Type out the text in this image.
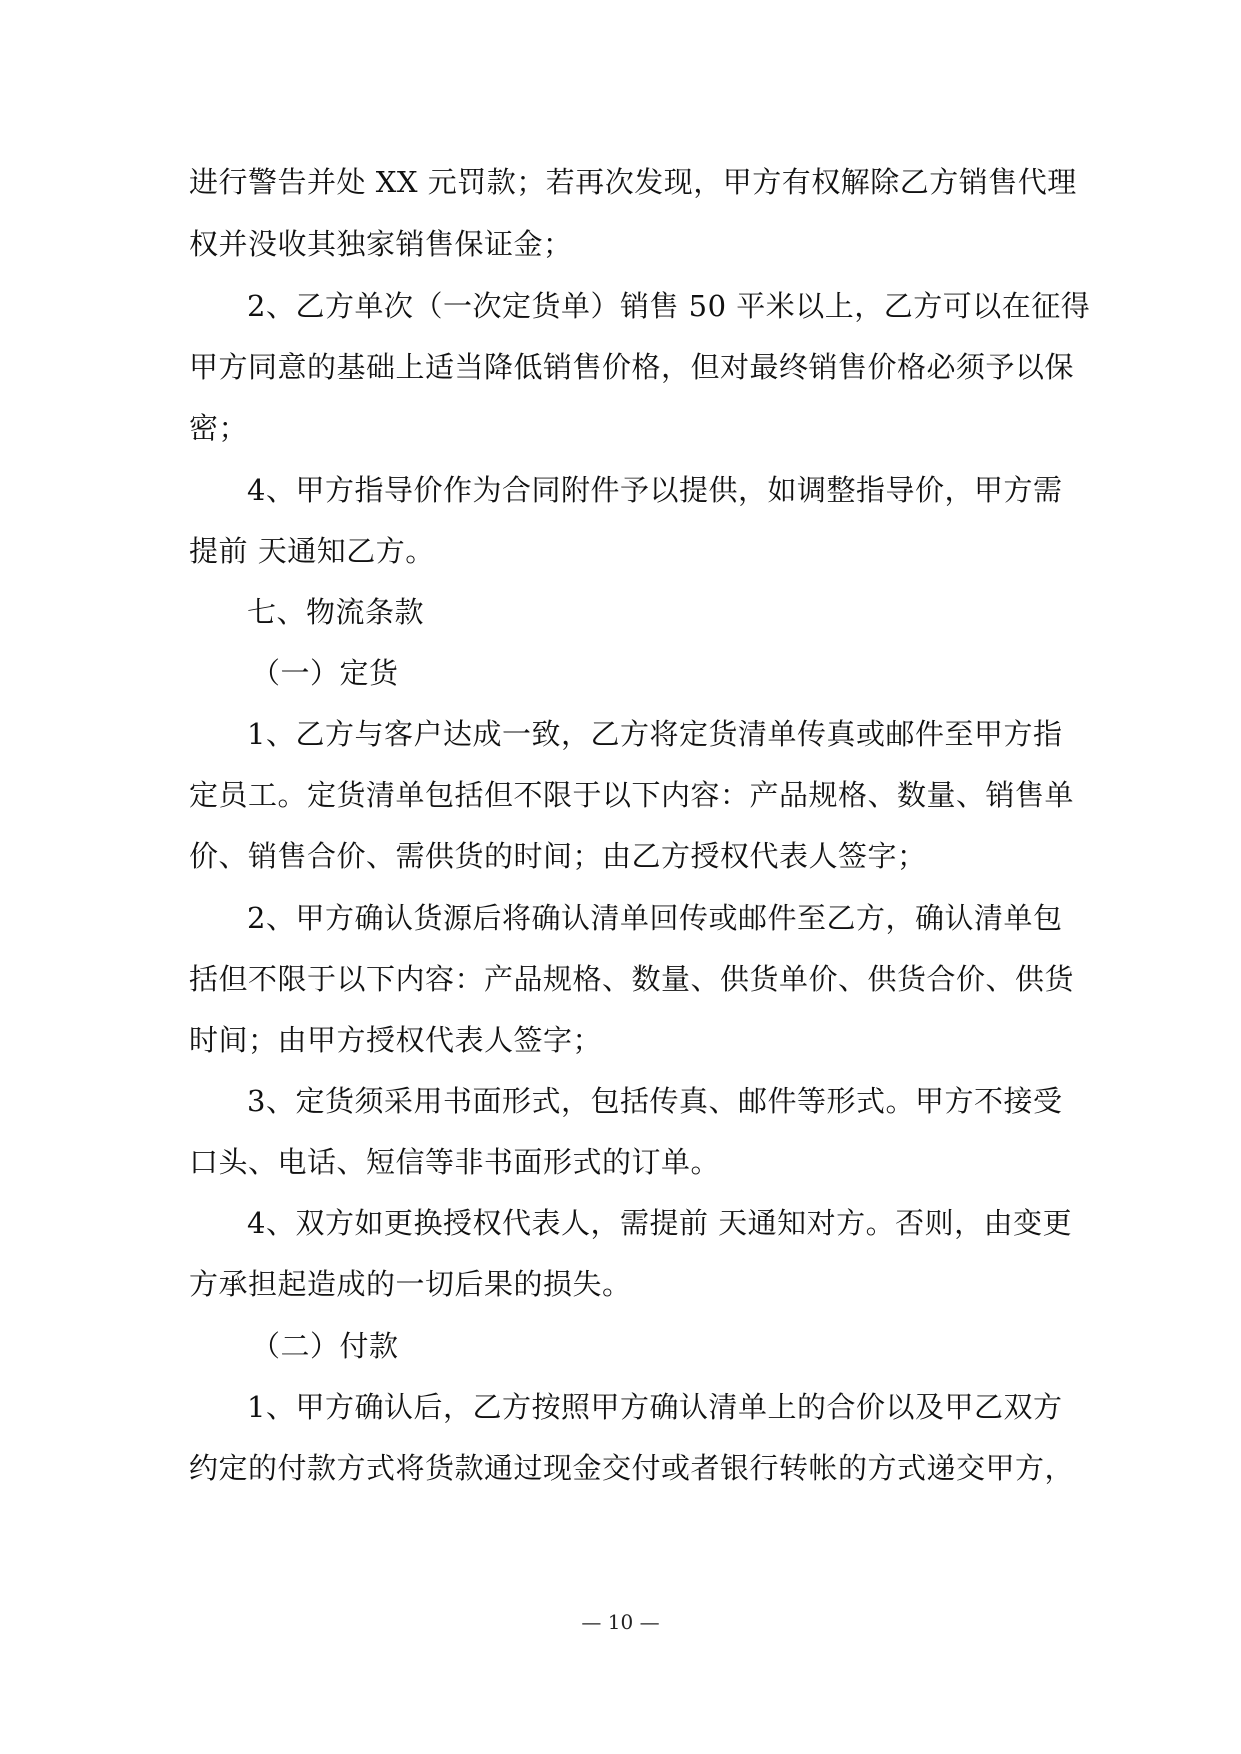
进行警告并处 XX 元罚款；若再次发现，甲方有权解除乙方销售代理
权并没收其独家销售保证金；
2、乙方单次（一次定货单）销售 50 平米以上，乙方可以在征得
甲方同意的基础上适当降低销售价格，但对最终销售价格必须予以保
密；
4、甲方指导价作为合同附件予以提供，如调整指导价，甲方需
提前 天通知乙方。
七、物流条款
（一）定货
1、乙方与客户达成一致，乙方将定货清单传真或邮件至甲方指
定员工。定货清单包括但不限于以下内容：产品规格、数量、销售单
价、销售合价、需供货的时间；由乙方授权代表人签字；
2、甲方确认货源后将确认清单回传或邮件至乙方，确认清单包
括但不限于以下内容：产品规格、数量、供货单价、供货合价、供货
时间；由甲方授权代表人签字；
3、定货须采用书面形式，包括传真、邮件等形式。甲方不接受
口头、电话、短信等非书面形式的订单。
4、双方如更换授权代表人，需提前 天通知对方。否则，由变更
方承担起造成的一切后果的损失。
（二）付款
1、甲方确认后，乙方按照甲方确认清单上的合价以及甲乙双方
约定的付款方式将货款通过现金交付或者银行转帐的方式递交甲方，
— 10 —
